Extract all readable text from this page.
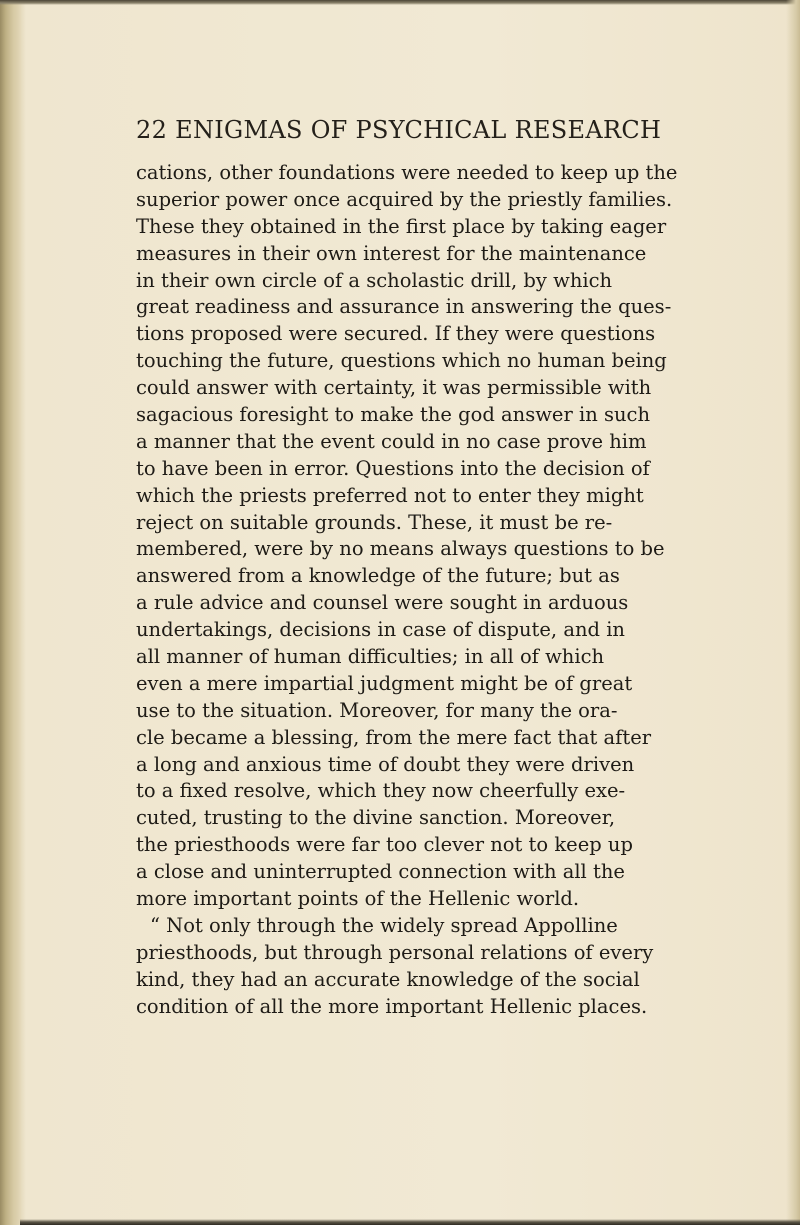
22 ENIGMAS OF PSYCHICAL RESEARCH
cations, other foundations were needed to keep up the
superior power once acquired by the priestly families.
These they obtained in the first place by taking eager
measures in their own interest for the maintenance
in their own circle of a scholastic drill, by which
great readiness and assurance in answering the ques-
tions proposed were secured. If they were questions
touching the future, questions which no human being
could answer with certainty, it was permissible with
sagacious foresight to make the god answer in such
a manner that the event could in no case prove him
to have been in error. Questions into the decision of
which the priests preferred not to enter they might
reject on suitable grounds. These, it must be re-
membered, were by no means always questions to be
answered from a knowledge of the future; but as
a rule advice and counsel were sought in arduous
undertakings, decisions in case of dispute, and in
all manner of human difficulties; in all of which
even a mere impartial judgment might be of great
use to the situation. Moreover, for many the ora-
cle became a blessing, from the mere fact that after
a long and anxious time of doubt they were driven
to a fixed resolve, which they now cheerfully exe-
cuted, trusting to the divine sanction. Moreover,
the priesthoods were far too clever not to keep up
a close and uninterrupted connection with all the
more important points of the Hellenic world.
“ Not only through the widely spread Appolline
priesthoods, but through personal relations of every
kind, they had an accurate knowledge of the social
condition of all the more important Hellenic places.
